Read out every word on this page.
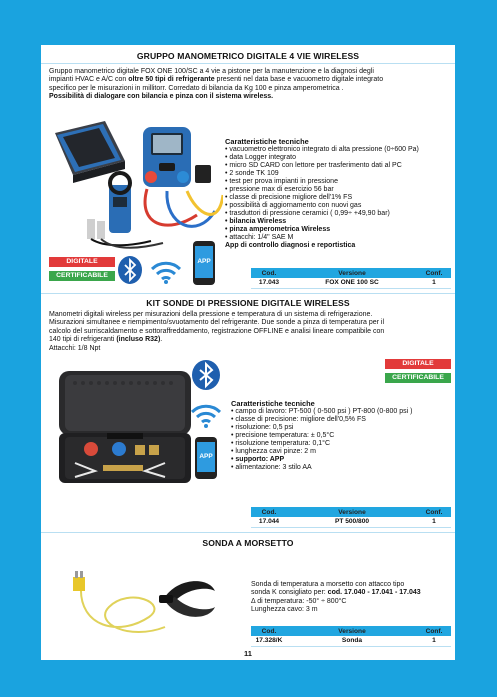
GRUPPO MANOMETRICO DIGITALE 4 VIE WIRELESS
Gruppo manometrico digitale FOX ONE 100/SC a 4 vie a pistone per la manutenzione e la diagnosi degli
impianti HVAC e A/C con oltre 50 tipi di refrigerante presenti nel data base e vacuometro digitale integrato
specifico per le misurazioni in millitorr. Corredato di bilancia da Kg 100 e pinza amperometrica .
Possibilità di dialogare con bilancia e pinza con il sistema wireless.
Caratteristiche tecniche
• vacuometro elettronico integrato di alta pressione (0÷600 Pa)
• data Logger integrato
• micro SD CARD con lettore per trasferimento dati al PC
• 2 sonde TK 109
• test per prova impianti in pressione
• pressione max di esercizio 56 bar
• classe di precisione migliore dell'1% FS
• possibilità di aggiornamento con nuovi gas
• trasduttori di pressione ceramici ( 0,99÷ +49,90 bar)
• bilancia Wireless
• pinza amperometrica Wireless
• attacchi: 1/4" SAE M
App di controllo diagnosi e reportistica
DIGITALE
CERTIFICABILE
APP
Cod.	Versione	Conf.
17.043	FOX ONE 100 SC	1
KIT SONDE DI PRESSIONE DIGITALE WIRELESS
Manometri digitali wireless per misurazioni della pressione e temperatura di un sistema di refrigerazione.
Misurazioni simultanee e riempimento/svuotamento del refrigerante. Due sonde a pinza di temperatura per il
calcolo del surriscaldamento e sottoraffreddamento, registrazione OFFLINE e analisi lineare compatibile con
140 tipi di refrigeranti (incluso R32).
Attacchi: 1/8 Npt
APP
DIGITALE
CERTIFICABILE
Caratteristiche tecniche
• campo di lavoro: PT-500 ( 0-500 psi ) PT-800 (0-800 psi )
• classe di precisione: migliore dell'0,5% FS
• risoluzione: 0,5 psi
• precisione temperatura: ± 0,5°C
• risoluzione temperatura: 0,1°C
• lunghezza cavi pinze: 2 m
• supporto: APP
• alimentazione: 3 stilo AA
Cod.	Versione	Conf.
17.044	PT 500/800	1
SONDA A MORSETTO
Sonda di temperatura a morsetto con attacco tipo
sonda K consigliato per: cod. 17.040 - 17.041 - 17.043
Δ di temperatura: -50° ÷ 800°C
Lunghezza cavo: 3 m
Cod.	Versione	Conf.
17.328/K	Sonda	1
11
